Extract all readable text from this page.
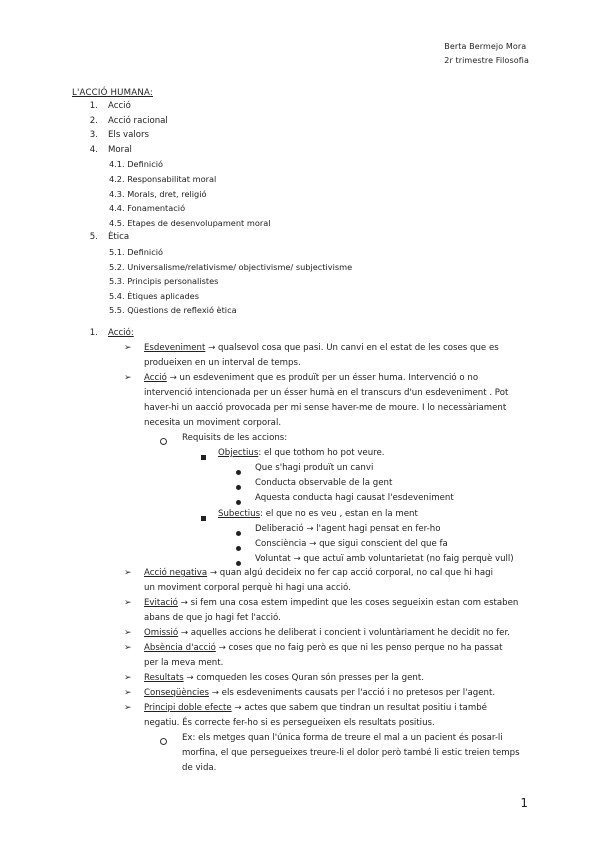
Berta Bermejo Mora
2r trimestre Filosofia
L'ACCIÓ HUMANA:
1. Acció
2. Acció racional
3. Els valors
4. Moral
4.1. Definició
4.2. Responsabilitat moral
4.3. Morals, dret, religió
4.4. Fonamentació
4.5. Etapes de desenvolupament moral
5. Ètica
5.1. Definició
5.2. Universalisme/relativisme/ objectivisme/ subjectivisme
5.3. Principis personalistes
5.4. Ètiques aplicades
5.5. Qüestions de reflexió ètica
1. Acció:
➢ Esdeveniment → qualsevol cosa que pasi. Un canvi en el estat de les coses que es
produeixen en un interval de temps.
➢ Acció → un esdeveniment que es produït per un ésser huma. Intervenció o no
intervenció intencionada per un ésser humà en el transcurs d'un esdeveniment . Pot
haver-hi un aacció provocada per mi sense haver-me de moure. I lo necessàriament
necesita un moviment corporal.
Requisits de les accions:
Objectius: el que tothom ho pot veure.
Que s'hagi produït un canvi
Conducta observable de la gent
Aquesta conducta hagi causat l'esdeveniment
Subectius: el que no es veu , estan en la ment
Deliberació → l'agent hagi pensat en fer-ho
Consciència → que sigui conscient del que fa
Voluntat → que actuï amb voluntarietat (no faig perquè vull)
➢ Acció negativa → quan algú decideix no fer cap acció corporal, no cal que hi hagi
un moviment corporal perquè hi hagi una acció.
➢ Evitació → si fem una cosa estem impedint que les coses segueixin estan com estaben
abans de que jo hagi fet l'acció.
➢ Omissió → aquelles accions he deliberat i concient i voluntàriament he decidit no fer.
➢ Absència d'acció → coses que no faig però es que ni les penso perque no ha passat
per la meva ment.
➢ Resultats → comqueden les coses Quran són presses per la gent.
➢ Conseqüències → els esdeveniments causats per l'acció i no pretesos per l'agent.
➢ Principi doble efecte → actes que sabem que tindran un resultat positiu i també
negatiu. És correcte fer-ho si es persegueixen els resultats positius.
Ex: els metges quan l'única forma de treure el mal a un pacient és posar-li
morfina, el que persegueixes treure-li el dolor però també li estic treien temps
de vida.
1
